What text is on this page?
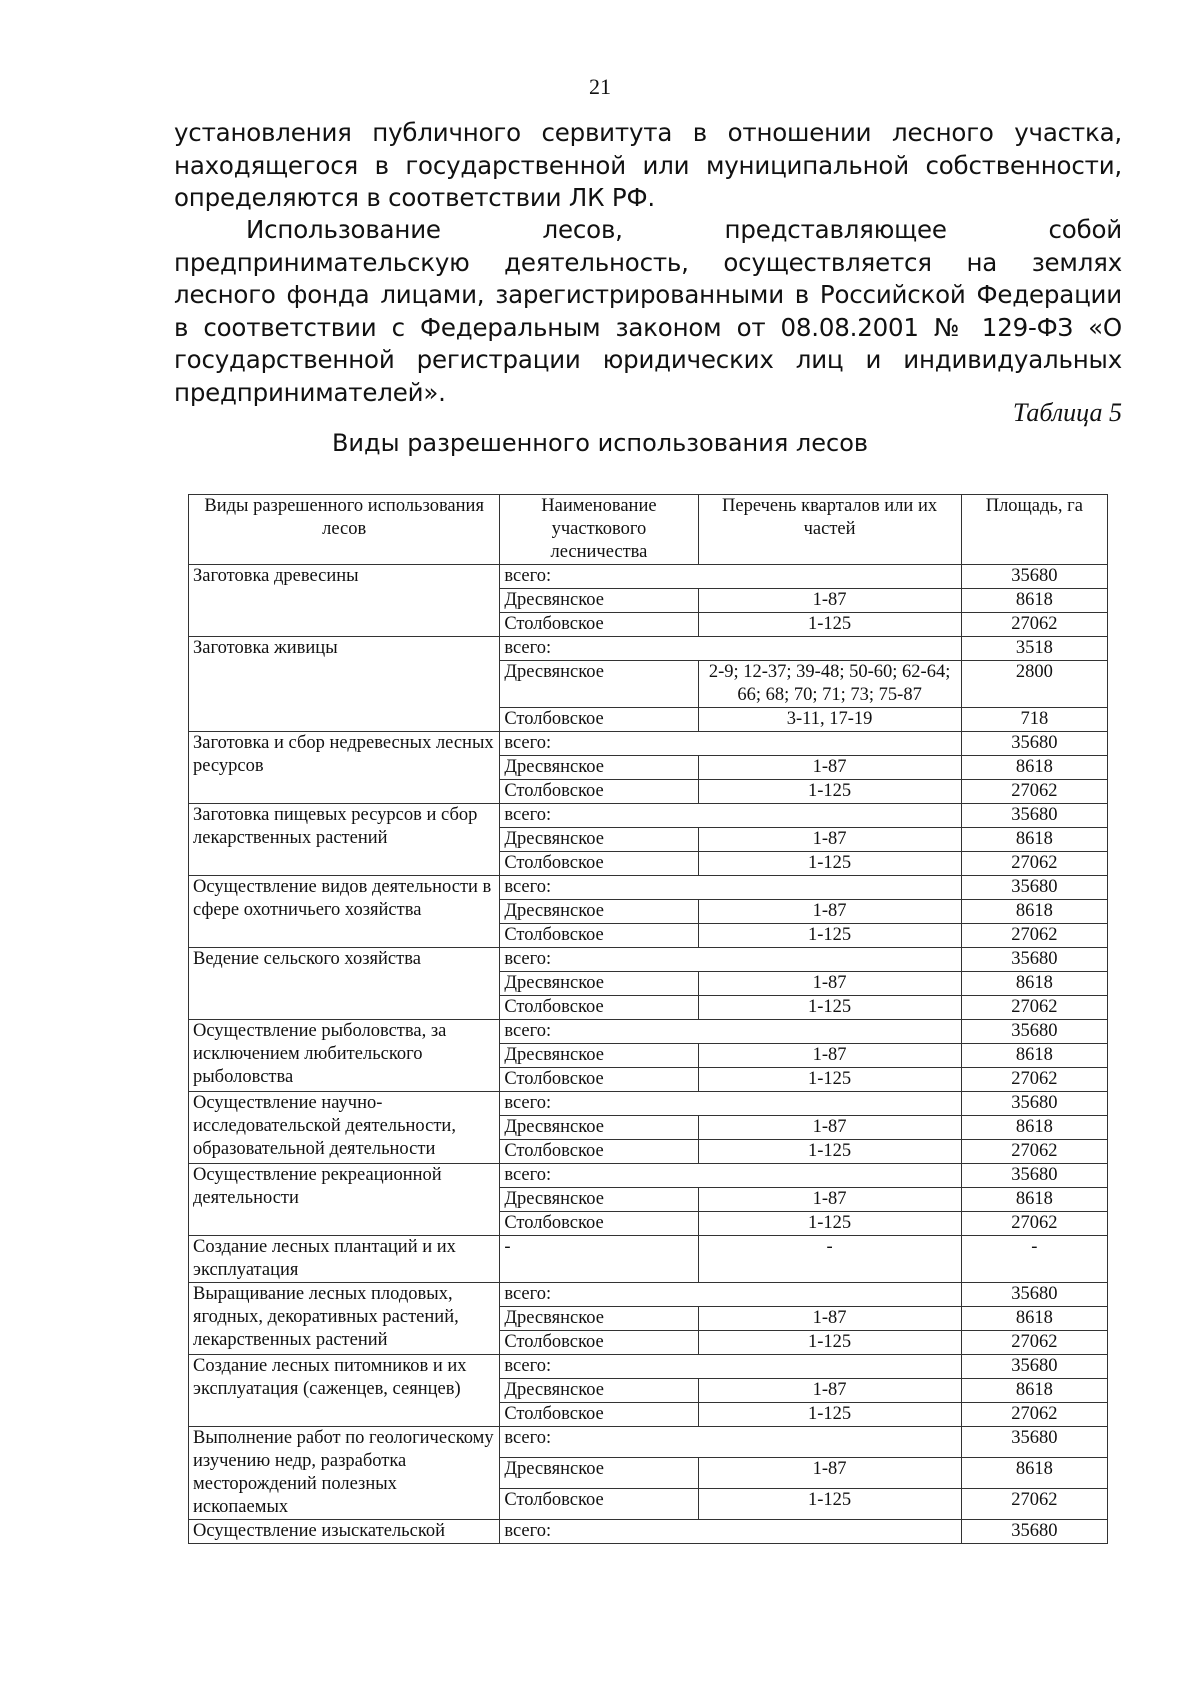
21

установления публичного сервитута в отношении лесного участка, находящегося в государственной или муниципальной собственности, определяются в соответствии ЛК РФ.

Использование лесов, представляющее собой предпринимательскую деятельность, осуществляется на землях лесного фонда лицами, зарегистрированными в Российской Федерации в соответствии с Федеральным законом от 08.08.2001 № 129-ФЗ «О государственной регистрации юридических лиц и индивидуальных предпринимателей».

Таблица 5
Виды разрешенного использования лесов
Виды разрешенного использования лесов	Наименование участкового лесничества	Перечень кварталов или их частей	Площадь, га
Заготовка древесины	всего:		35680
	Дресвянское	1-87	8618
	Столбовское	1-125	27062
Заготовка живицы	всего:		3518
	Дресвянское	2-9; 12-37; 39-48; 50-60; 62-64; 66; 68; 70; 71; 73; 75-87	2800
	Столбовское	3-11, 17-19	718
Заготовка и сбор недревесных лесных ресурсов	всего:		35680
	Дресвянское	1-87	8618
	Столбовское	1-125	27062
Заготовка пищевых ресурсов и сбор лекарственных растений	всего:		35680
	Дресвянское	1-87	8618
	Столбовское	1-125	27062
Осуществление видов деятельности в сфере охотничьего хозяйства	всего:		35680
	Дресвянское	1-87	8618
	Столбовское	1-125	27062
Ведение сельского хозяйства	всего:		35680
	Дресвянское	1-87	8618
	Столбовское	1-125	27062
Осуществление рыболовства, за исключением любительского рыболовства	всего:		35680
	Дресвянское	1-87	8618
	Столбовское	1-125	27062
Осуществление научно-исследовательской деятельности, образовательной деятельности	всего:		35680
	Дресвянское	1-87	8618
	Столбовское	1-125	27062
Осуществление рекреационной деятельности	всего:		35680
	Дресвянское	1-87	8618
	Столбовское	1-125	27062
Создание лесных плантаций и их эксплуатация	-	-	-
Выращивание лесных плодовых, ягодных, декоративных растений, лекарственных растений	всего:		35680
	Дресвянское	1-87	8618
	Столбовское	1-125	27062
Создание лесных питомников и их эксплуатация (саженцев, сеянцев)	всего:		35680
	Дресвянское	1-87	8618
	Столбовское	1-125	27062
Выполнение работ по геологическому изучению недр, разработка месторождений полезных ископаемых	всего:		35680
	Дресвянское	1-87	8618
	Столбовское	1-125	27062
Осуществление изыскательской	всего:		35680
